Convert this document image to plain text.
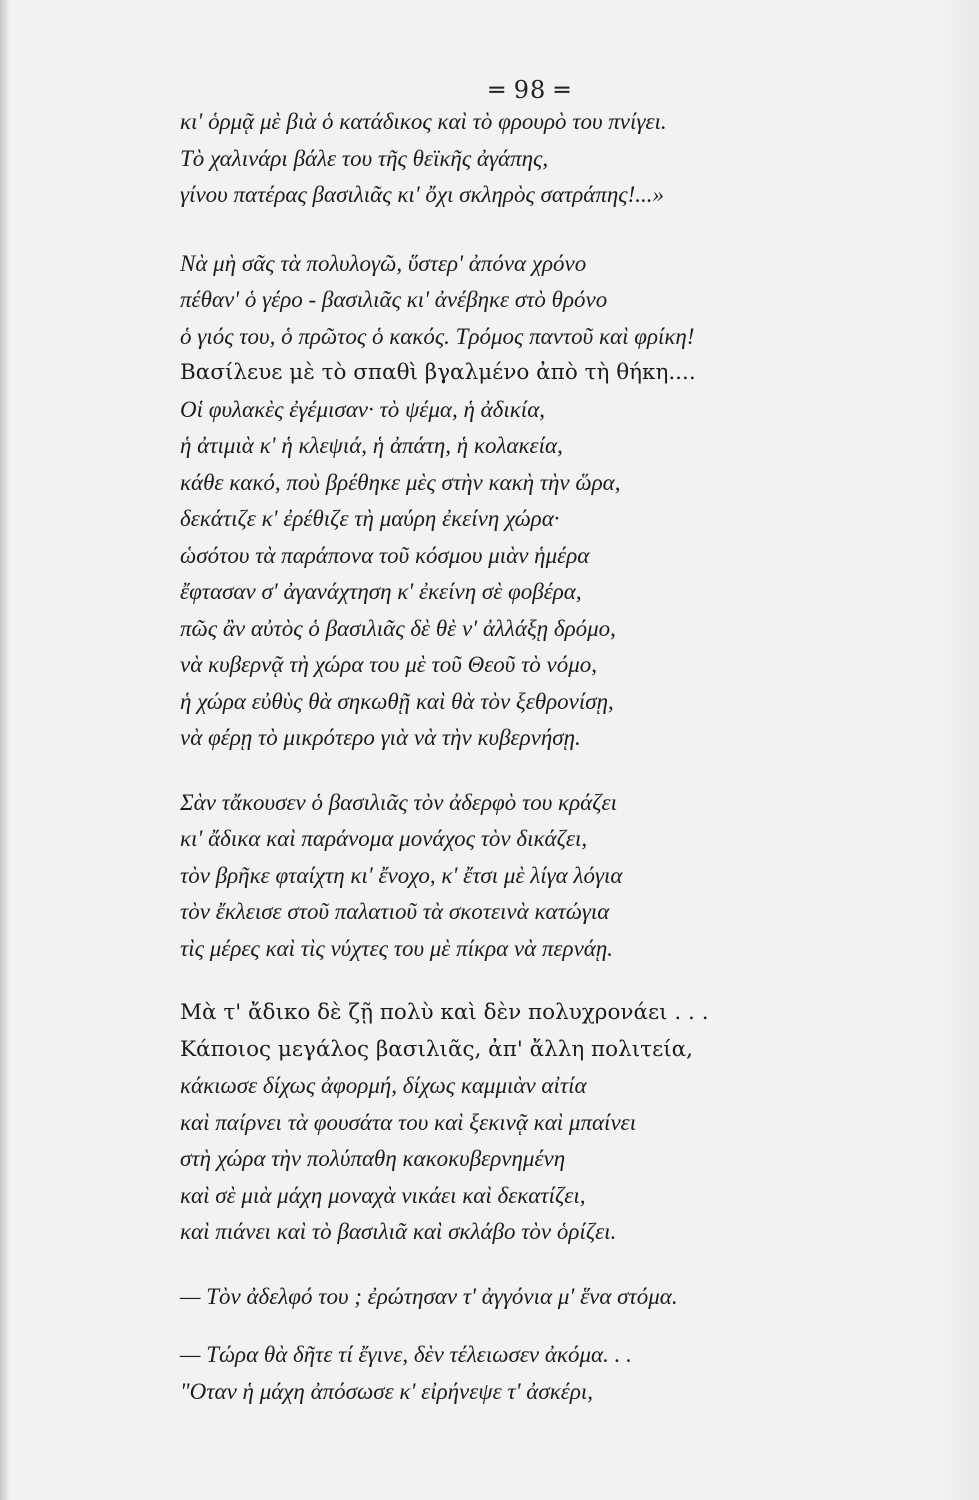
═ 98 ═
κι' ὁρμᾷ μὲ βιὰ ὁ κατάδικος καὶ τὸ φρουρὸ του πνίγει.
Τὸ χαλινάρι βάλε του τῆς θεϊκῆς ἀγάπης,
γίνου πατέρας βασιλιᾶς κι' ὄχι σκληρὸς σατράπης!...»
Νὰ μὴ σᾶς τὰ πολυλογῶ, ὕστερ' ἀπόνα χρόνο
πέθαν' ὁ γέρο - βασιλιᾶς κι' ἀνέβηκε στὸ θρόνο
ὁ γιός του, ὁ πρῶτος ὁ κακός. Τρόμος παντοῦ καὶ φρίκη!
Βασίλευε μὲ τὸ σπαθὶ βγαλμένο ἀπὸ τὴ θήκη....
Οἱ φυλακὲς ἐγέμισαν· τὸ ψέμα, ἡ ἀδικία,
ἡ ἀτιμιὰ κ' ἡ κλεψιά, ἡ ἀπάτη, ἡ κολακεία,
κάθε κακό, ποὺ βρέθηκε μὲς στὴν κακὴ τὴν ὥρα,
δεκάτιζε κ' ἐρέθιζε τὴ μαύρη ἐκείνη χώρα·
ὡσότου τὰ παράπονα τοῦ κόσμου μιὰν ἡμέρα
ἔφτασαν σ' ἀγανάχτηση κ' ἐκείνη σὲ φοβέρα,
πῶς ἂν αὐτὸς ὁ βασιλιᾶς δὲ θὲ ν' ἀλλάξῃ δρόμο,
νὰ κυβερνᾷ τὴ χώρα του μὲ τοῦ Θεοῦ τὸ νόμο,
ἡ χώρα εὐθὺς θὰ σηκωθῇ καὶ θὰ τὸν ξεθρονίσῃ,
νὰ φέρῃ τὸ μικρότερο γιὰ νὰ τὴν κυβερνήσῃ.
Σὰν τἄκουσεν ὁ βασιλιᾶς τὸν ἀδερφὸ του κράζει
κι' ἄδικα καὶ παράνομα μονάχος τὸν δικάζει,
τὸν βρῆκε φταίχτη κι' ἔνοχο, κ' ἔτσι μὲ λίγα λόγια
τὸν ἔκλεισε στοῦ παλατιοῦ τὰ σκοτεινὰ κατώγια
τὶς μέρες καὶ τὶς νύχτες του μὲ πίκρα νὰ περνάῃ.
Μὰ τ' ἄδικο δὲ ζῇ πολὺ καὶ δὲν πολυχρονάει . . .
Κάποιος μεγάλος βασιλιᾶς, ἀπ' ἄλλη πολιτεία,
κάκιωσε δίχως ἀφορμή, δίχως καμμιὰν αἰτία
καὶ παίρνει τὰ φουσάτα του καὶ ξεκινᾷ καὶ μπαίνει
στὴ χώρα τὴν πολύπαθη κακοκυβερνημένη
καὶ σὲ μιὰ μάχη μοναχὰ νικάει καὶ δεκατίζει,
καὶ πιάνει καὶ τὸ βασιλιᾶ καὶ σκλάβο τὸν ὁρίζει.
— Τὸν ἀδελφό του ; ἐρώτησαν τ' ἀγγόνια μ' ἕνα στόμα.
— Τώρα θὰ δῆτε τί ἔγινε, δὲν τέλειωσεν ἀκόμα. . .
"Οταν ἡ μάχη ἀπόσωσε κ' εἰρήνεψε τ' ἀσκέρι,
